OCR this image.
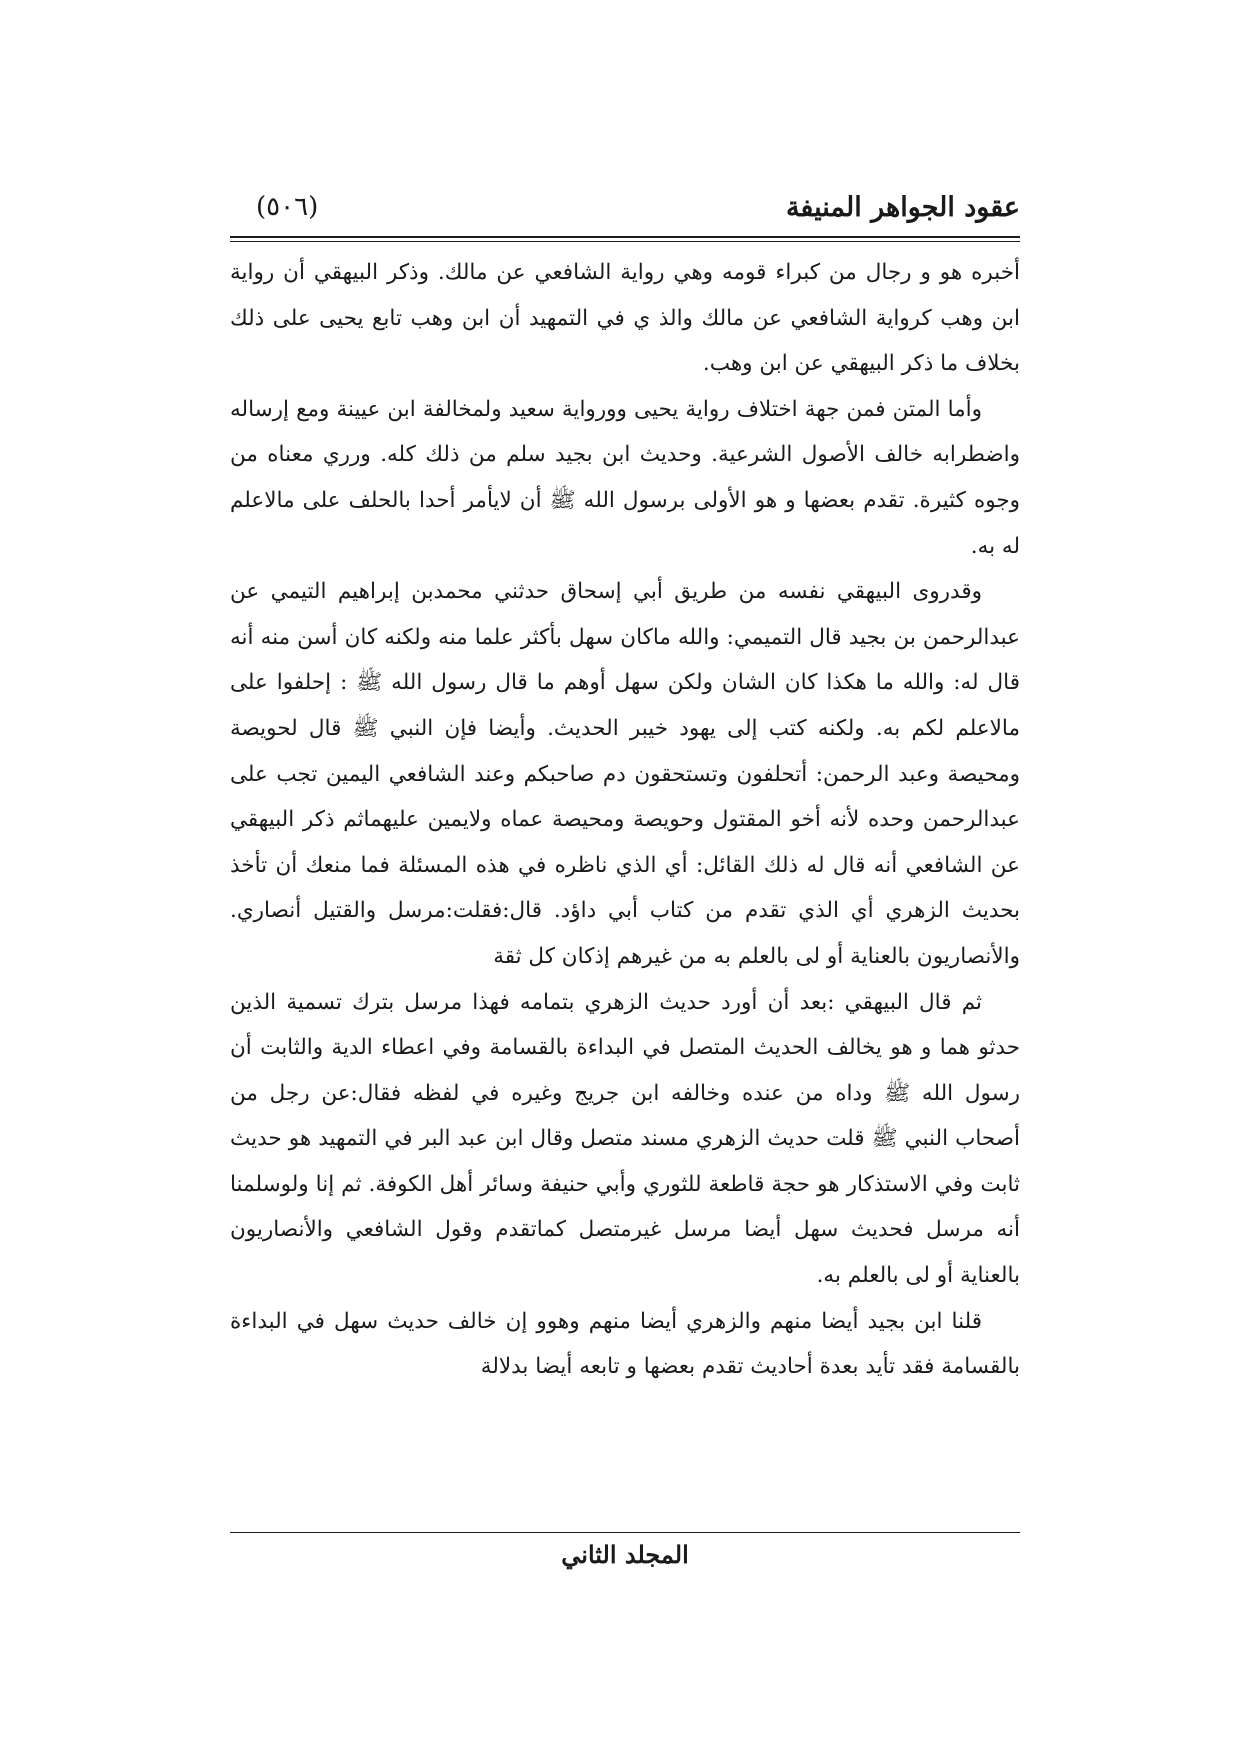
عقود الجواهر المنيفة
(٥٠٦)

أخبره هو و رجال من كبراء قومه وهي رواية الشافعي عن مالك. وذكر البيهقي أن رواية ابن وهب كرواية الشافعي عن مالك والذ ي في التمهيد أن ابن وهب تابع يحيى على ذلك بخلاف ما ذكر البيهقي عن ابن وهب.

وأما المتن فمن جهة اختلاف رواية يحيى وورواية سعيد ولمخالفة ابن عيينة ومع إرساله واضطرابه خالف الأصول الشرعية. وحديث ابن بجيد سلم من ذلك كله. ورري معناه من وجوه كثيرة. تقدم بعضها و هو الأولى برسول الله ﷺ أن لايأمر أحدا بالحلف على مالاعلم له به.

وقدروى البيهقي نفسه من طريق أبي إسحاق حدثني محمدبن إبراهيم التيمي عن عبدالرحمن بن بجيد قال التميمي: والله ماكان سهل بأكثر علما منه ولكنه كان أسن منه أنه قال له: والله ما هكذا كان الشان ولكن سهل أوهم ما قال رسول الله ﷺ : إحلفوا على مالاعلم لكم به. ولكنه كتب إلى يهود خيبر الحديث. وأيضا فإن النبي ﷺ قال لحويصة ومحيصة وعبد الرحمن: أتحلفون وتستحقون دم صاحبكم وعند الشافعي اليمين تجب على عبدالرحمن وحده لأنه أخو المقتول وحويصة ومحيصة عماه ولايمين عليهماثم ذكر البيهقي عن الشافعي أنه قال له ذلك القائل: أي الذي ناظره في هذه المسئلة فما منعك أن تأخذ بحديث الزهري أي الذي تقدم من كتاب أبي داؤد. قال:فقلت:مرسل والقتيل أنصاري. والأنصاريون بالعناية أو لى بالعلم به من غيرهم إذكان كل ثقة

ثم قال البيهقي :بعد أن أورد حديث الزهري بتمامه فهذا مرسل بترك تسمية الذين حدثو هما و هو يخالف الحديث المتصل في البداءة بالقسامة وفي اعطاء الدية والثابت أن رسول الله ﷺ وداه من عنده وخالفه ابن جريج وغيره في لفظه فقال:عن رجل من أصحاب النبي ﷺ قلت حديث الزهري مسند متصل وقال ابن عبد البر في التمهيد هو حديث ثابت وفي الاستذكار هو حجة قاطعة للثوري وأبي حنيفة وسائر أهل الكوفة. ثم إنا ولوسلمنا أنه مرسل فحديث سهل أيضا مرسل غيرمتصل كماتقدم وقول الشافعي والأنصاريون بالعناية أو لى بالعلم به.

قلنا ابن بجيد أيضا منهم والزهري أيضا منهم وهوو إن خالف حديث سهل في البداءة بالقسامة فقد تأيد بعدة أحاديث تقدم بعضها و تابعه أيضا بدلالة

المجلد الثاني
